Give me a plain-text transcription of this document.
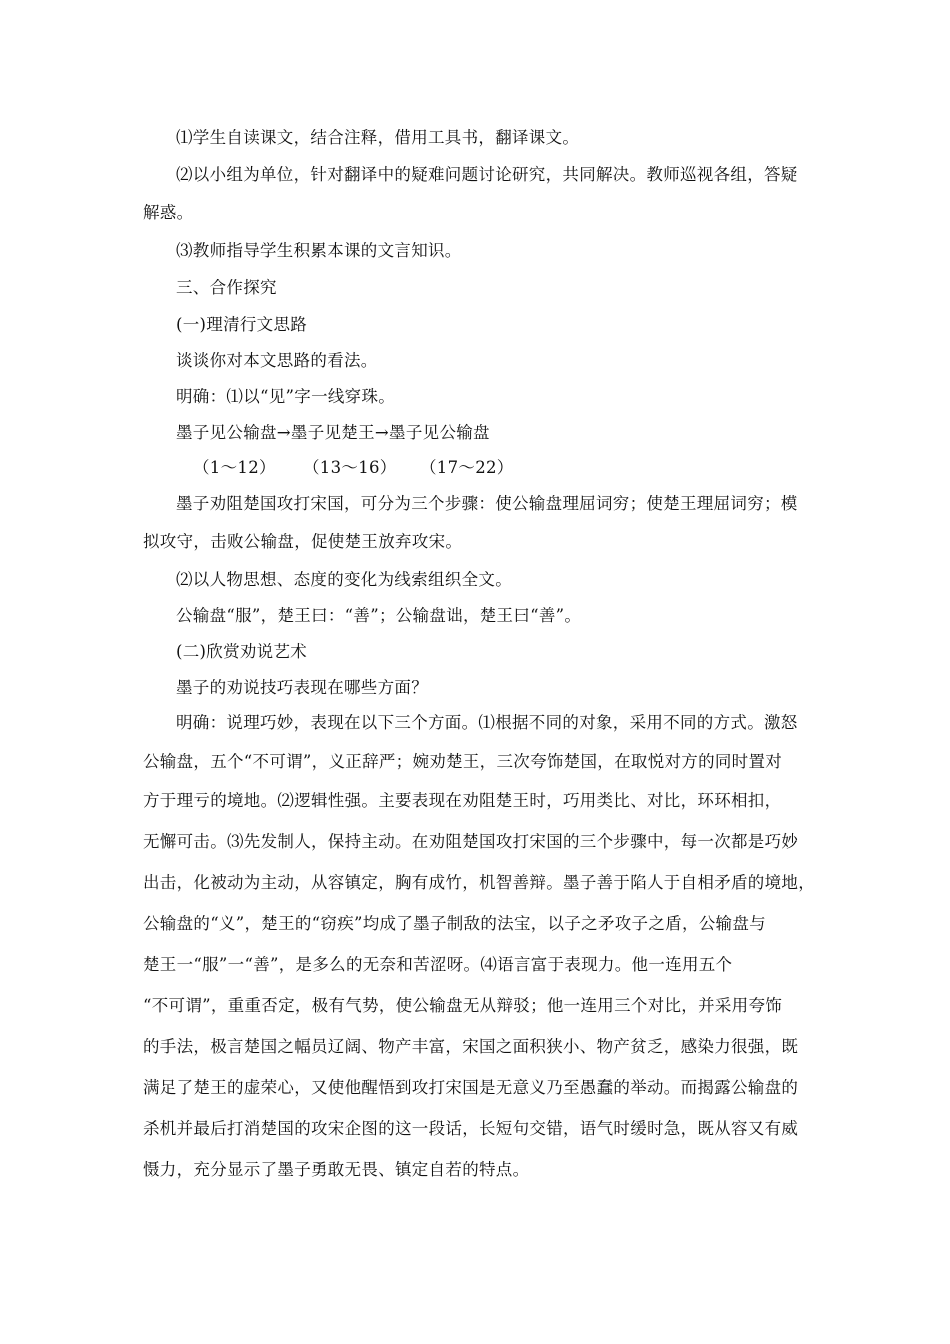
⑴学生自读课文，结合注释，借用工具书，翻译课文。
⑵以小组为单位，针对翻译中的疑难问题讨论研究，共同解决。教师巡视各组，答疑
解惑。
⑶教师指导学生积累本课的文言知识。
三、合作探究
(一)理清行文思路
谈谈你对本文思路的看法。
明确：⑴以“见”字一线穿珠。
墨子见公输盘→墨子见楚王→墨子见公输盘
（1～12） （13～16） （17～22）
墨子劝阻楚国攻打宋国，可分为三个步骤：使公输盘理屈词穷；使楚王理屈词穷；模
拟攻守，击败公输盘，促使楚王放弃攻宋。
⑵以人物思想、态度的变化为线索组织全文。
公输盘“服”，楚王曰：“善”；公输盘诎，楚王曰“善”。
(二)欣赏劝说艺术
墨子的劝说技巧表现在哪些方面？
明确：说理巧妙，表现在以下三个方面。⑴根据不同的对象，采用不同的方式。激怒
公输盘，五个“不可谓”，义正辞严；婉劝楚王，三次夸饰楚国，在取悦对方的同时置对
方于理亏的境地。⑵逻辑性强。主要表现在劝阻楚王时，巧用类比、对比，环环相扣，
无懈可击。⑶先发制人，保持主动。在劝阻楚国攻打宋国的三个步骤中，每一次都是巧妙
出击，化被动为主动，从容镇定，胸有成竹，机智善辩。墨子善于陷人于自相矛盾的境地，
公输盘的“义”，楚王的“窃疾”均成了墨子制敌的法宝，以子之矛攻子之盾，公输盘与
楚王一“服”一“善”，是多么的无奈和苦涩呀。⑷语言富于表现力。他一连用五个
“不可谓”，重重否定，极有气势，使公输盘无从辩驳；他一连用三个对比，并采用夸饰
的手法，极言楚国之幅员辽阔、物产丰富，宋国之面积狭小、物产贫乏，感染力很强，既
满足了楚王的虚荣心，又使他醒悟到攻打宋国是无意义乃至愚蠢的举动。而揭露公输盘的
杀机并最后打消楚国的攻宋企图的这一段话，长短句交错，语气时缓时急，既从容又有威
慑力，充分显示了墨子勇敢无畏、镇定自若的特点。
